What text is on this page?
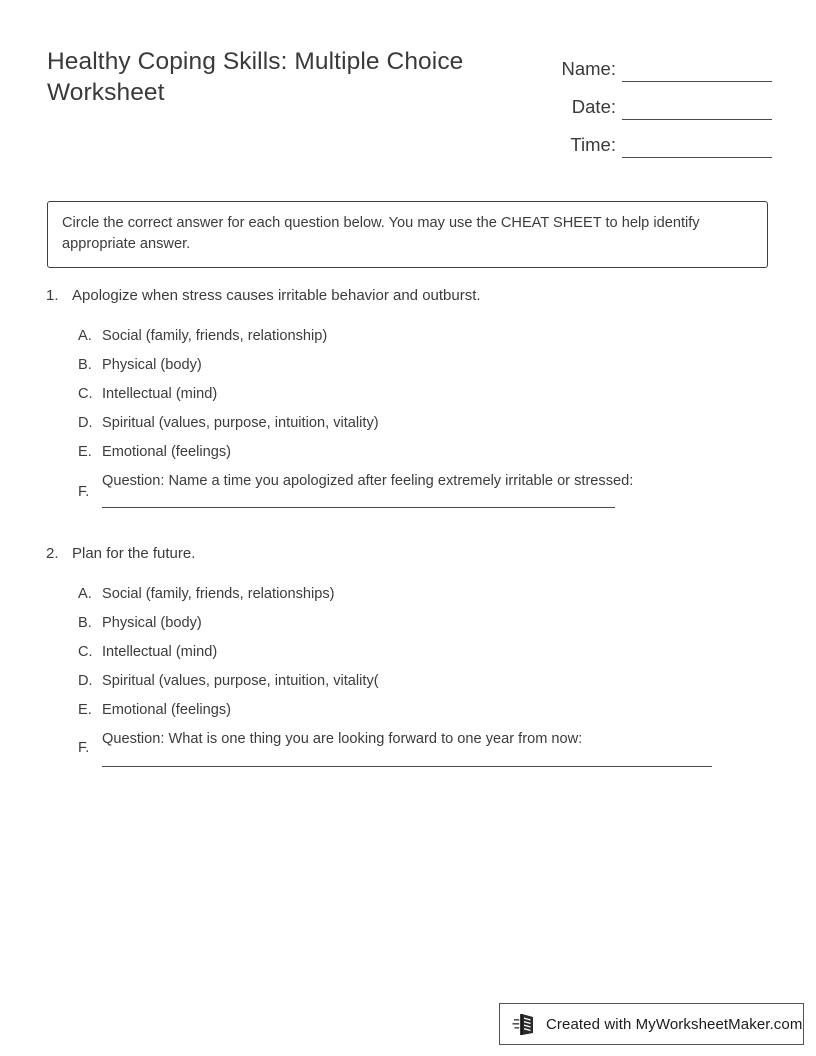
Healthy Coping Skills: Multiple Choice Worksheet
Name:
Date:
Time:
Circle the correct answer for each question below. You may use the CHEAT SHEET to help identify appropriate answer.
1. Apologize when stress causes irritable behavior and outburst.
A. Social (family, friends, relationship)
B. Physical (body)
C. Intellectual (mind)
D. Spiritual (values, purpose, intuition, vitality)
E. Emotional (feelings)
F.
Question: Name a time you apologized after feeling extremely irritable or stressed:
2. Plan for the future.
A. Social (family, friends, relationships)
B. Physical (body)
C. Intellectual (mind)
D. Spiritual (values, purpose, intuition, vitality(
E. Emotional (feelings)
F.
Question: What is one thing you are looking forward to one year from now:
Created with MyWorksheetMaker.com
